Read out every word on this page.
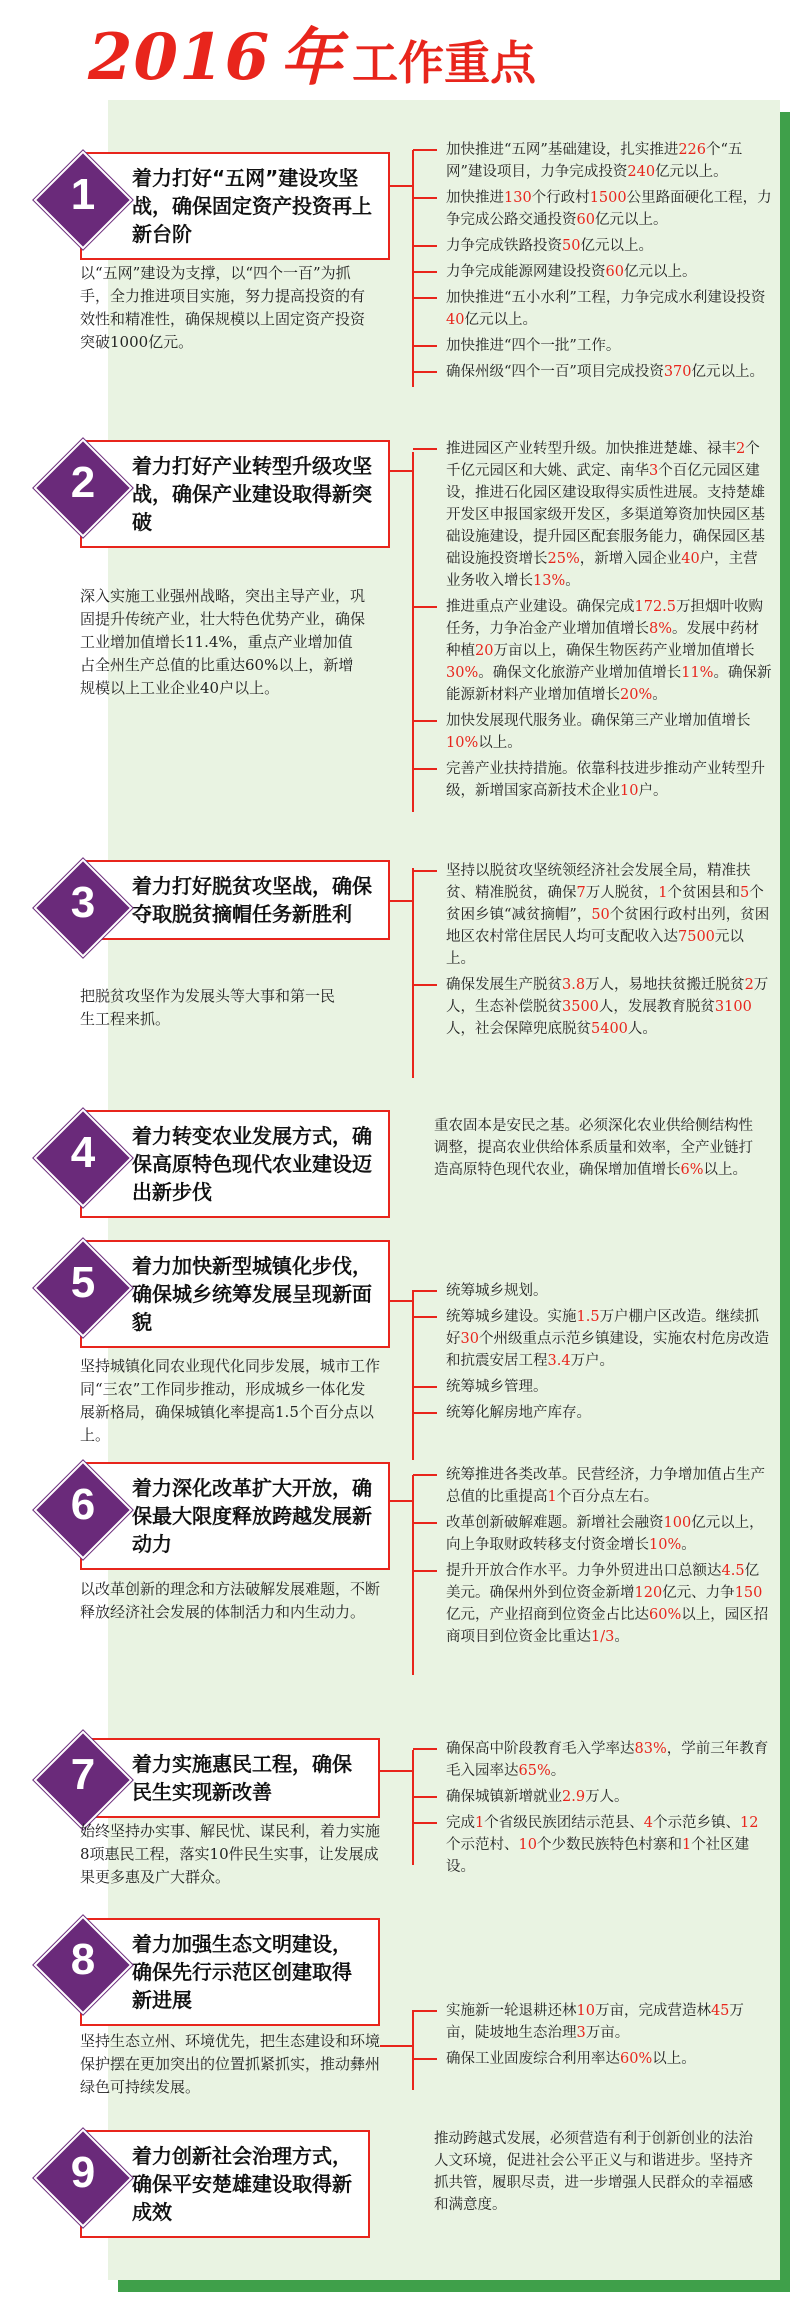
2016 年 工作重点
着力打好“五网”建设攻坚战，确保固定资产投资再上新台阶
1
以“五网”建设为支撑，以“四个一百”为抓手，全力推进项目实施，努力提高投资的有效性和精准性，确保规模以上固定资产投资突破1000亿元。
加快推进“五网”基础建设，扎实推进226个“五网”建设项目，力争完成投资240亿元以上。
加快推进130个行政村1500公里路面硬化工程，力争完成公路交通投资60亿元以上。
力争完成铁路投资50亿元以上。
力争完成能源网建设投资60亿元以上。
加快推进“五小水利”工程，力争完成水利建设投资40亿元以上。
加快推进“四个一批”工作。
确保州级“四个一百”项目完成投资370亿元以上。
着力打好产业转型升级攻坚战，确保产业建设取得新突破
2
深入实施工业强州战略，突出主导产业，巩固提升传统产业，壮大特色优势产业，确保工业增加值增长11.4%，重点产业增加值占全州生产总值的比重达60%以上，新增规模以上工业企业40户以上。
推进园区产业转型升级。加快推进楚雄、禄丰2个千亿元园区和大姚、武定、南华3个百亿元园区建设，推进石化园区建设取得实质性进展。支持楚雄开发区申报国家级开发区，多渠道筹资加快园区基础设施建设，提升园区配套服务能力，确保园区基础设施投资增长25%，新增入园企业40户，主营业务收入增长13%。
推进重点产业建设。确保完成172.5万担烟叶收购任务，力争冶金产业增加值增长8%。发展中药材种植20万亩以上，确保生物医药产业增加值增长30%。确保文化旅游产业增加值增长11%。确保新能源新材料产业增加值增长20%。
加快发展现代服务业。确保第三产业增加值增长10%以上。
完善产业扶持措施。依靠科技进步推动产业转型升级，新增国家高新技术企业10户。
着力打好脱贫攻坚战，确保夺取脱贫摘帽任务新胜利
3
把脱贫攻坚作为发展头等大事和第一民生工程来抓。
坚持以脱贫攻坚统领经济社会发展全局，精准扶贫、精准脱贫，确保7万人脱贫，1个贫困县和5个贫困乡镇“减贫摘帽”，50个贫困行政村出列，贫困地区农村常住居民人均可支配收入达7500元以上。
确保发展生产脱贫3.8万人，易地扶贫搬迁脱贫2万人，生态补偿脱贫3500人，发展教育脱贫3100人，社会保障兜底脱贫5400人。
着力转变农业发展方式，确保高原特色现代农业建设迈出新步伐
4
重农固本是安民之基。必须深化农业供给侧结构性调整，提高农业供给体系质量和效率，全产业链打造高原特色现代农业，确保增加值增长6%以上。
着力加快新型城镇化步伐，确保城乡统筹发展呈现新面貌
5
坚持城镇化同农业现代化同步发展，城市工作同“三农”工作同步推动，形成城乡一体化发展新格局，确保城镇化率提高1.5个百分点以上。
统筹城乡规划。
统筹城乡建设。实施1.5万户棚户区改造。继续抓好30个州级重点示范乡镇建设，实施农村危房改造和抗震安居工程3.4万户。
统筹城乡管理。
统筹化解房地产库存。
着力深化改革扩大开放，确保最大限度释放跨越发展新动力
6
以改革创新的理念和方法破解发展难题，不断释放经济社会发展的体制活力和内生动力。
统筹推进各类改革。民营经济，力争增加值占生产总值的比重提高1个百分点左右。
改革创新破解难题。新增社会融资100亿元以上，向上争取财政转移支付资金增长10%。
提升开放合作水平。力争外贸进出口总额达4.5亿美元。确保州外到位资金新增120亿元、力争150亿元，产业招商到位资金占比达60%以上，园区招商项目到位资金比重达1/3。
着力实施惠民工程，确保民生实现新改善
7
始终坚持办实事、解民忧、谋民利，着力实施8项惠民工程，落实10件民生实事，让发展成果更多惠及广大群众。
确保高中阶段教育毛入学率达83%，学前三年教育毛入园率达65%。
确保城镇新增就业2.9万人。
完成1个省级民族团结示范县、4个示范乡镇、12个示范村、10个少数民族特色村寨和1个社区建设。
着力加强生态文明建设，确保先行示范区创建取得新进展
8
坚持生态立州、环境优先，把生态建设和环境保护摆在更加突出的位置抓紧抓实，推动彝州绿色可持续发展。
实施新一轮退耕还林10万亩，完成营造林45万亩，陡坡地生态治理3万亩。
确保工业固废综合利用率达60%以上。
着力创新社会治理方式，确保平安楚雄建设取得新成效
9
推动跨越式发展，必须营造有利于创新创业的法治人文环境，促进社会公平正义与和谐进步。坚持齐抓共管，履职尽责，进一步增强人民群众的幸福感和满意度。
